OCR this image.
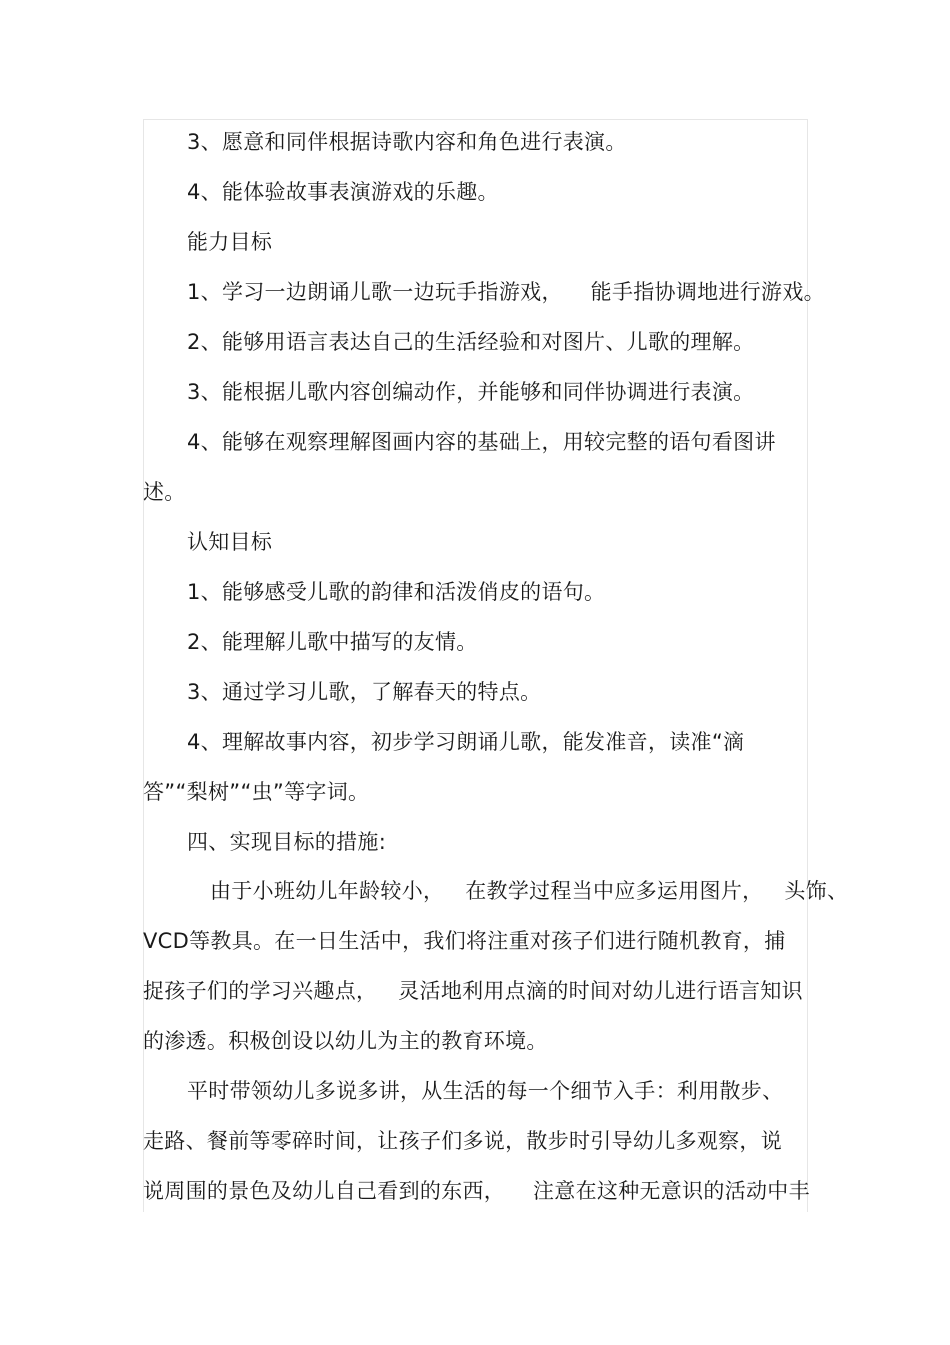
3、愿意和同伴根据诗歌内容和角色进行表演。
4、能体验故事表演游戏的乐趣。
能力目标
1、学习一边朗诵儿歌一边玩手指游戏，    能手指协调地进行游戏。
2、能够用语言表达自己的生活经验和对图片、儿歌的理解。
3、能根据儿歌内容创编动作，并能够和同伴协调进行表演。
4、能够在观察理解图画内容的基础上，用较完整的语句看图讲
述。
认知目标
1、能够感受儿歌的韵律和活泼俏皮的语句。
2、能理解儿歌中描写的友情。
3、通过学习儿歌，了解春天的特点。
4、理解故事内容，初步学习朗诵儿歌，能发准音，读准“滴
答”“梨树”“虫”等字词。
四、实现目标的措施:
由于小班幼儿年龄较小，   在教学过程当中应多运用图片，   头饰、
VCD等教具。在一日生活中，我们将注重对孩子们进行随机教育，捕
捉孩子们的学习兴趣点，   灵活地利用点滴的时间对幼儿进行语言知识
的渗透。积极创设以幼儿为主的教育环境。
平时带领幼儿多说多讲，从生活的每一个细节入手：利用散步、
走路、餐前等零碎时间，让孩子们多说，散步时引导幼儿多观察，说
说周围的景色及幼儿自己看到的东西，    注意在这种无意识的活动中丰
